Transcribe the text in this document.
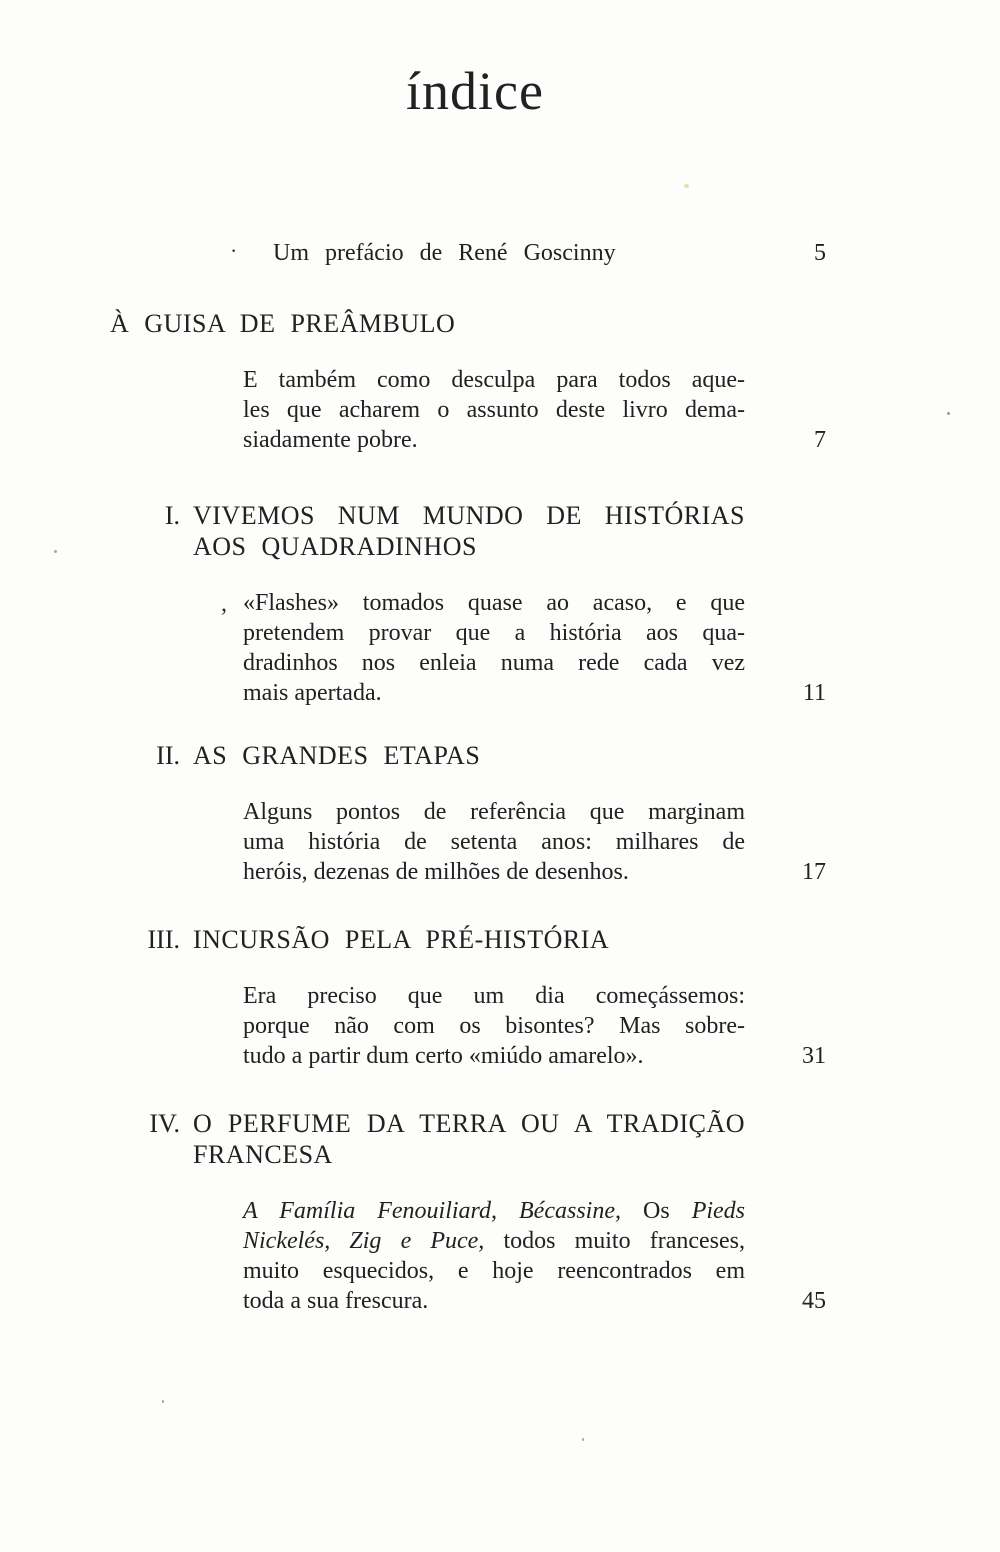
índice
· Um prefácio de René Goscinny	5
À GUISA DE PREÂMBULO
E também como desculpa para todos aque-
les que acharem o assunto deste livro dema-
siadamente pobre.	7
I. VIVEMOS NUM MUNDO DE HISTÓRIAS
AOS QUADRADINHOS
, «Flashes» tomados quase ao acaso, e que
pretendem provar que a história aos qua-
dradinhos nos enleia numa rede cada vez
mais apertada.	11
II. AS GRANDES ETAPAS
Alguns pontos de referência que marginam
uma história de setenta anos: milhares de
heróis, dezenas de milhões de desenhos.	17
III. INCURSÃO PELA PRÉ-HISTÓRIA
Era preciso que um dia começássemos:
porque não com os bisontes? Mas sobre-
tudo a partir dum certo «miúdo amarelo».	31
IV. O PERFUME DA TERRA OU A TRADIÇÃO
FRANCESA
A Família Fenouiliard, Bécassine, Os Pieds
Nickelés, Zig e Puce, todos muito franceses,
muito esquecidos, e hoje reencontrados em
toda a sua frescura.	45
